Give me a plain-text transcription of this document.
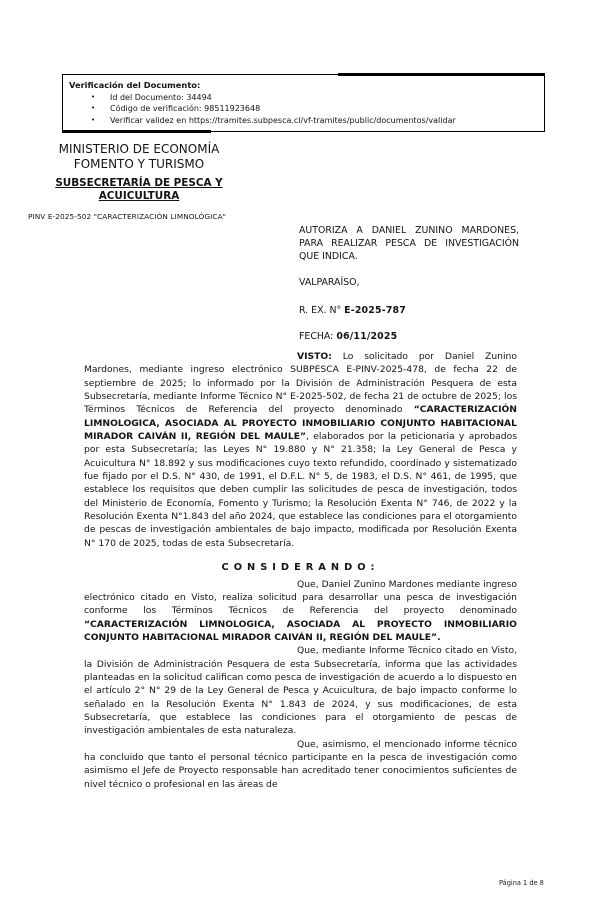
Verificación del Documento:
•	Id del Documento: 34494
•	Código de verificación: 98511923648
•	Verificar validez en https://tramites.subpesca.cl/vf-tramites/public/documentos/validar
MINISTERIO DE ECONOMÍA
FOMENTO Y TURISMO
SUBSECRETARÍA DE PESCA Y
ACUICULTURA
PINV E-2025-502 "CARACTERIZACIÓN LIMNOLÓGICA"

AUTORIZA A DANIEL ZUNINO MARDONES, PARA REALIZAR PESCA DE INVESTIGACIÓN QUE INDICA.

VALPARAÍSO,

R. EX. N° E-2025-787

FECHA: 06/11/2025

VISTO: Lo solicitado por Daniel Zunino Mardones, mediante ingreso electrónico SUBPESCA E-PINV-2025-478, de fecha 22 de septiembre de 2025; lo informado por la División de Administración Pesquera de esta Subsecretaría, mediante Informe Técnico N° E-2025-502, de fecha 21 de octubre de 2025; los Términos Técnicos de Referencia del proyecto denominado “CARACTERIZACIÓN LIMNOLOGICA, ASOCIADA AL PROYECTO INMOBILIARIO CONJUNTO HABITACIONAL MIRADOR CAIVÁN II, REGIÓN DEL MAULE”, elaborados por la peticionaria y aprobados por esta Subsecretaría; las Leyes N° 19.880 y N° 21.358; la Ley General de Pesca y Acuicultura N° 18.892 y sus modificaciones cuyo texto refundido, coordinado y sistematizado fue fijado por el D.S. N° 430, de 1991, el D.F.L. N° 5, de 1983, el D.S. N° 461, de 1995, que establece los requisitos que deben cumplir las solicitudes de pesca de investigación, todos del Ministerio de Economía, Fomento y Turismo; la Resolución Exenta N° 746, de 2022 y la Resolución Exenta N°1.843 del año 2024, que establece las condiciones para el otorgamiento de pescas de investigación ambientales de bajo impacto, modificada por Resolución Exenta N° 170 de 2025, todas de esta Subsecretaría.

CONSIDERANDO:

Que, Daniel Zunino Mardones mediante ingreso electrónico citado en Visto, realiza solicitud para desarrollar una pesca de investigación conforme los Términos Técnicos de Referencia del proyecto denominado “CARACTERIZACIÓN LIMNOLOGICA, ASOCIADA AL PROYECTO INMOBILIARIO CONJUNTO HABITACIONAL MIRADOR CAIVÁN II, REGIÓN DEL MAULE”.

Que, mediante Informe Técnico citado en Visto, la División de Administración Pesquera de esta Subsecretaría, informa que las actividades planteadas en la solicitud califican como pesca de investigación de acuerdo a lo dispuesto en el artículo 2° N° 29 de la Ley General de Pesca y Acuicultura, de bajo impacto conforme lo señalado en la Resolución Exenta N° 1.843 de 2024, y sus modificaciones, de esta Subsecretaría, que establece las condiciones para el otorgamiento de pescas de investigación ambientales de esta naturaleza.

Que, asimismo, el mencionado informe técnico ha concluido que tanto el personal técnico participante en la pesca de investigación como asimismo el Jefe de Proyecto responsable han acreditado tener conocimientos suficientes de nivel técnico o profesional en las áreas de

Página 1 de 8
